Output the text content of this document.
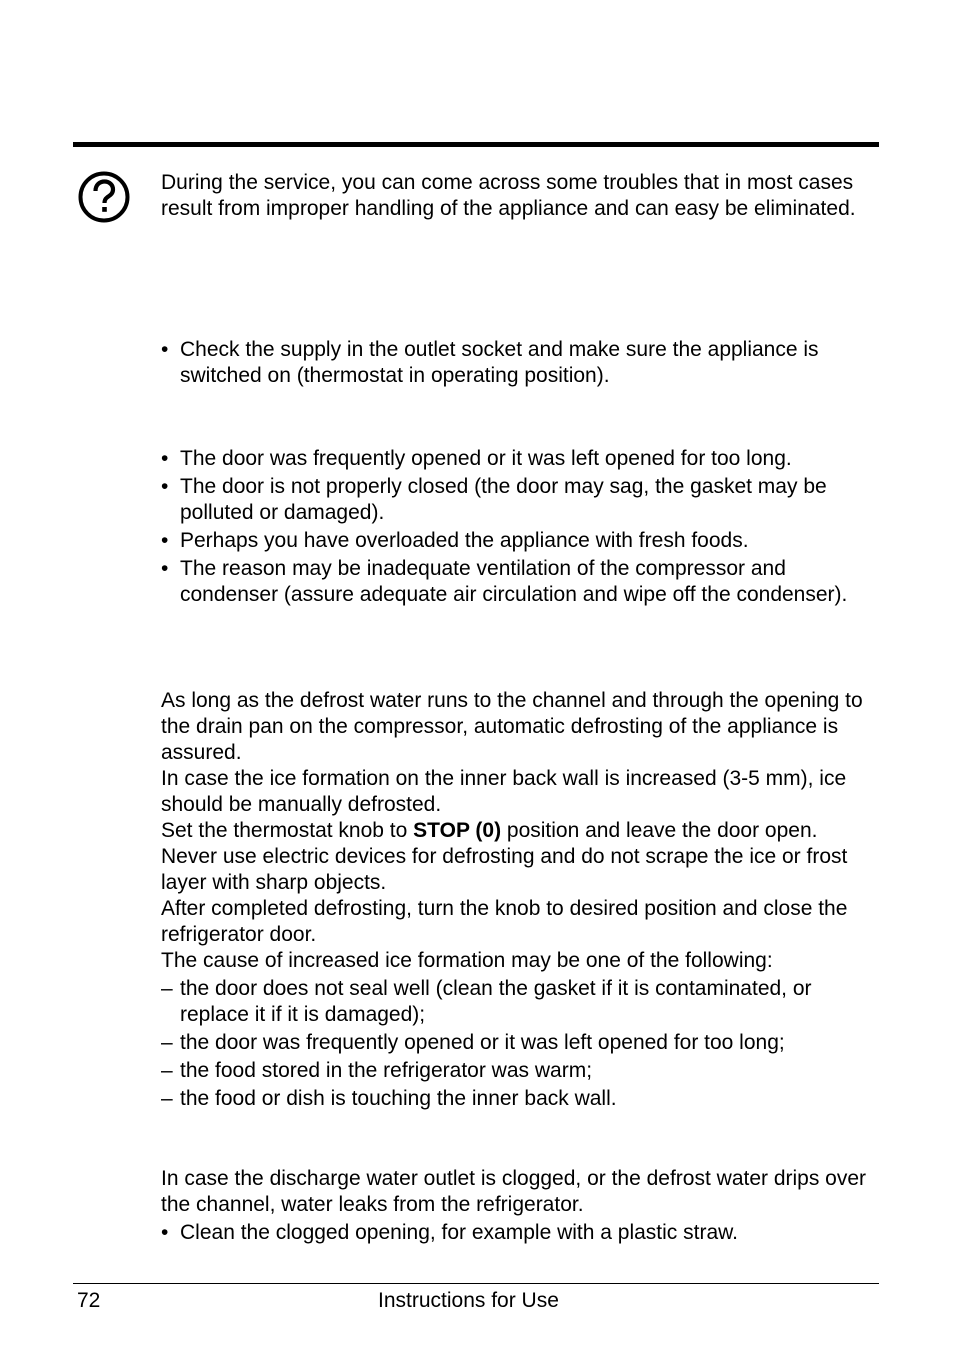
During the service, you can come across some troubles that in most cases result from improper handling of the appliance and can easy be eliminated.

• Check the supply in the outlet socket and make sure the appliance is switched on (thermostat in operating position).
• The door was frequently opened or it was left opened for too long.
• The door is not properly closed (the door may sag, the gasket may be polluted or damaged).
• Perhaps you have overloaded the appliance with fresh foods.
• The reason may be inadequate ventilation of the compressor and condenser (assure adequate air circulation and wipe off the condenser).

As long as the defrost water runs to the channel and through the opening to the drain pan on the compressor, automatic defrosting of the appliance is assured.

In case the ice formation on the inner back wall is increased (3-5 mm), ice should be manually defrosted.

Set the thermostat knob to STOP (0) position and leave the door open.

Never use electric devices for defrosting and do not scrape the ice or frost layer with sharp objects.

After completed defrosting, turn the knob to desired position and close the refrigerator door.

The cause of increased ice formation may be one of the following:

– the door does not seal well (clean the gasket if it is contaminated, or replace it if it is damaged);
– the door was frequently opened or it was left opened for too long;
– the food stored in the refrigerator was warm;
– the food or dish is touching the inner back wall.

In case the discharge water outlet is clogged, or the defrost water drips over the channel, water leaks from the refrigerator.

• Clean the clogged opening, for example with a plastic straw.
72	Instructions for Use
